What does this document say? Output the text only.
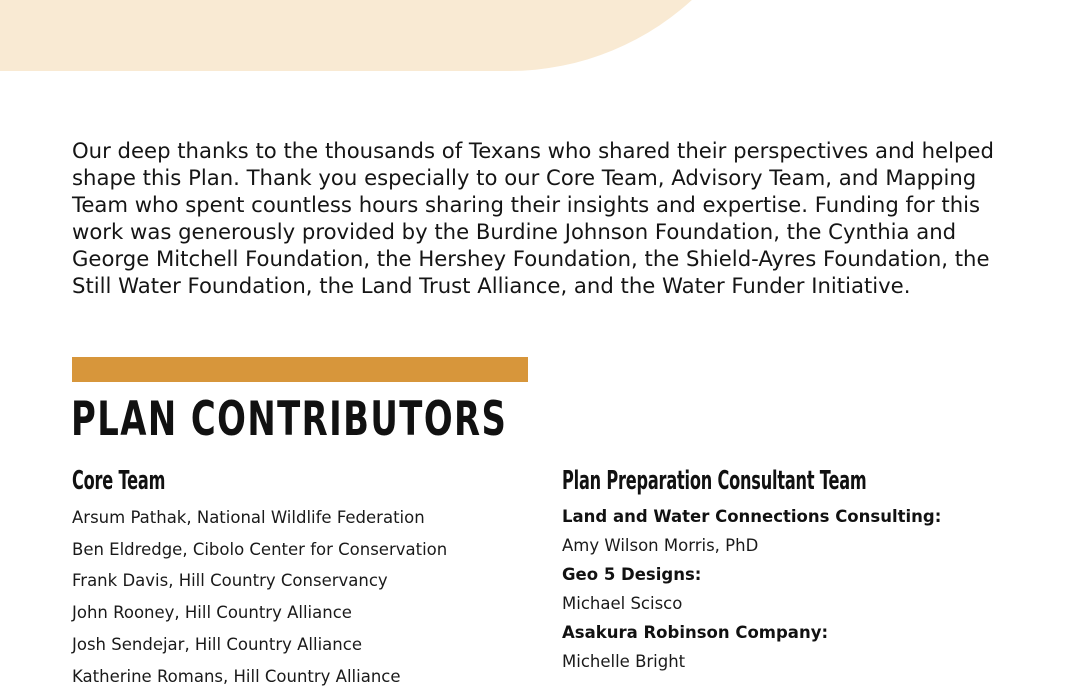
Our deep thanks to the thousands of Texans who shared their perspectives and helped shape this Plan. Thank you especially to our Core Team, Advisory Team, and Mapping Team who spent countless hours sharing their insights and expertise. Funding for this work was generously provided by the Burdine Johnson Foundation, the Cynthia and George Mitchell Foundation, the Hershey Foundation, the Shield-Ayres Foundation, the Still Water Foundation, the Land Trust Alliance, and the Water Funder Initiative.

PLAN CONTRIBUTORS
Core Team
Arsum Pathak, National Wildlife Federation
Ben Eldredge, Cibolo Center for Conservation
Frank Davis, Hill Country Conservancy
John Rooney, Hill Country Alliance
Josh Sendejar, Hill Country Alliance
Katherine Romans, Hill Country Alliance
Plan Preparation Consultant Team
Land and Water Connections Consulting:
Amy Wilson Morris, PhD
Geo 5 Designs:
Michael Scisco
Asakura Robinson Company:
Michelle Bright
